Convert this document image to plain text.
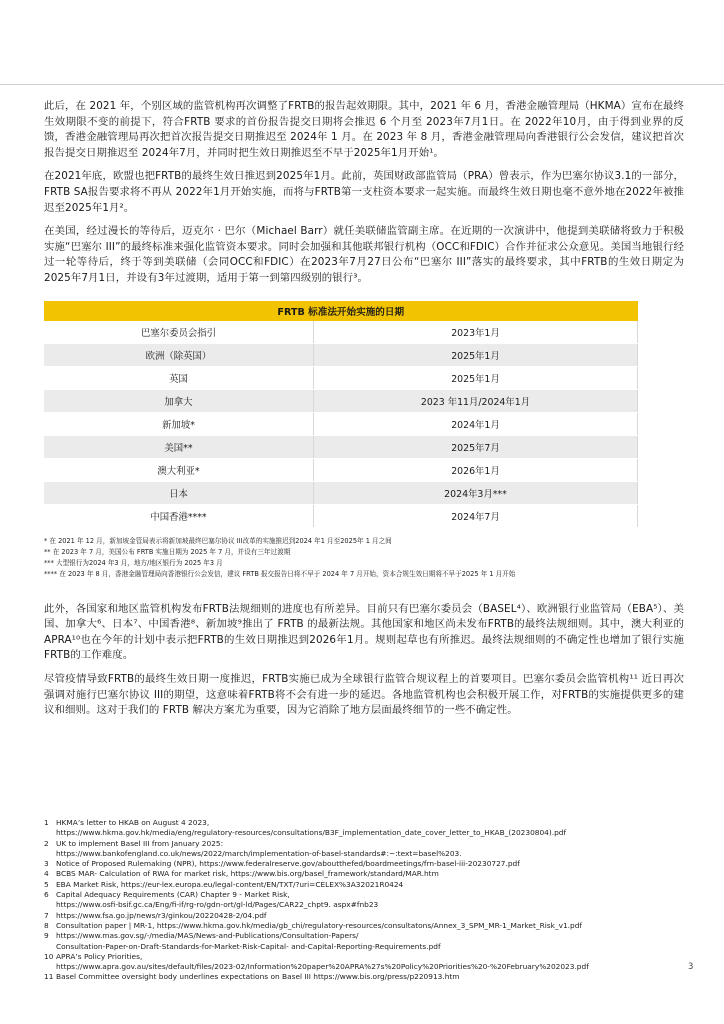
此后，在 2021 年，个别区域的监管机构再次调整了FRTB的报告起效期限。其中，2021 年 6 月，香港金融管理局（HKMA）宣布在最终生效期限不变的前提下，符合FRTB 要求的首份报告提交日期将会推迟 6 个月至 2023年7月1日。在 2022年10月，由于得到业界的反馈，香港金融管理局再次把首次报告提交日期推迟至 2024年 1 月。在 2023 年 8 月，香港金融管理局向香港银行公会发信，建议把首次报告提交日期推迟至 2024年7月，并同时把生效日期推迟至不早于2025年1月开始¹。

在2021年底，欧盟也把FRTB的最终生效日推迟到2025年1月。此前，英国财政部监管局（PRA）曾表示，作为巴塞尔协议3.1的一部分，FRTB SA报告要求将不再从 2022年1月开始实施，而将与FRTB第一支柱资本要求一起实施。而最终生效日期也毫不意外地在2022年被推迟至2025年1月²。

在美国，经过漫长的等待后，迈克尔 · 巴尔（Michael Barr）就任美联储监管副主席。在近期的一次演讲中，他提到美联储将致力于积极实施“巴塞尔 III”的最终标准来强化监管资本要求。同时会加强和其他联邦银行机构（OCC和FDIC）合作并征求公众意见。美国当地银行经过一轮等待后，终于等到美联储（会同OCC和FDIC）在2023年7月27日公布“巴塞尔 III”落实的最终要求，其中FRTB的生效日期定为2025年7月1日，并设有3年过渡期，适用于第一到第四级别的银行³。

FRTB 标准法开始实施的日期	
巴塞尔委员会指引	2023年1月
欧洲（除英国）	2025年1月
英国	2025年1月
加拿大	2023 年11月/2024年1月
新加坡*	2024年1月
美国**	2025年7月
澳大利亚*	2026年1月
日本	2024年3月***
中国香港****	2024年7月
* 在 2021 年 12 月，新加坡金管局表示将新加坡最终巴塞尔协议 III改革的实施推迟到2024 年1 月至2025年 1 月之间
** 在 2023 年 7 月，美国公布 FRTB 实施日期为 2025 年 7 月，并设有三年过渡期
*** 大型银行为2024 年3 月，地方/地区银行为 2025 年3 月
**** 在 2023 年 8 月，香港金融管理局向香港银行公会发信，建议 FRTB 报交报告日将不早于 2024 年 7 月开始，资本合规生效日期将不早于2025 年 1 月开始

此外，各国家和地区监管机构发布FRTB法规细则的进度也有所差异。目前只有巴塞尔委员会（BASEL⁴）、欧洲银行业监管局（EBA⁵）、美国、加拿大⁶、日本⁷、中国香港⁸、新加坡⁹推出了 FRTB 的最新法规。其他国家和地区尚未发布FRTB的最终法规细则。其中，澳大利亚的APRA¹⁰也在今年的计划中表示把FRTB的生效日期推迟到2026年1月。规则起草也有所推迟。最终法规细则的不确定性也增加了银行实施FRTB的工作难度。

尽管疫情导致FRTB的最终生效日期一度推迟，FRTB实施已成为全球银行监管合规议程上的首要项目。巴塞尔委员会监管机构¹¹ 近日再次强调对施行巴塞尔协议 III的期望，这意味着FRTB将不会有进一步的延迟。各地监管机构也会积极开展工作，对FRTB的实施提供更多的建议和细则。这对于我们的 FRTB 解决方案尤为重要，因为它消除了地方层面最终细节的一些不确定性。

1 HKMA’s letter to HKAB on August 4 2023,
https://www.hkma.gov.hk/media/eng/regulatory-resources/consultations/B3F_implementation_date_cover_letter_to_HKAB_(20230804).pdf
2 UK to implement Basel III from January 2025:
https://www.bankofengland.co.uk/news/2022/march/implementation-of-basel-standards#:~:text=basel%203.
3 Notice of Proposed Rulemaking (NPR), https://www.federalreserve.gov/aboutthefed/boardmeetings/frn-basel-iii-20230727.pdf
4 BCBS MAR- Calculation of RWA for market risk, https://www.bis.org/basel_framework/standard/MAR.htm
5 EBA Market Risk, https://eur-lex.europa.eu/legal-content/EN/TXT/?uri=CELEX%3A32021R0424
6 Capital Adequacy Requirements (CAR) Chapter 9 - Market Risk,
https://www.osfi-bsif.gc.ca/Eng/fi-if/rg-ro/gdn-ort/gl-ld/Pages/CAR22_chpt9. aspx#fnb23
7 https://www.fsa.go.jp/news/r3/ginkou/20220428-2/04.pdf
8 Consultation paper | MR-1, https://www.hkma.gov.hk/media/gb_chi/regulatory-resources/consultatons/Annex_3_SPM_MR-1_Market_Risk_v1.pdf
9 https://www.mas.gov.sg/-/media/MAS/News-and-Publications/Consultation-Papers/
Consultation-Paper-on-Draft-Standards-for-Market-Risk-Capital- and-Capital-Reporting-Requirements.pdf
10 APRA’s Policy Priorities,
https://www.apra.gov.au/sites/default/files/2023-02/Information%20paper%20APRA%27s%20Policy%20Priorities%20-%20February%202023.pdf
11 Basel Committee oversight body underlines expectations on Basel III https://www.bis.org/press/p220913.htm
3
